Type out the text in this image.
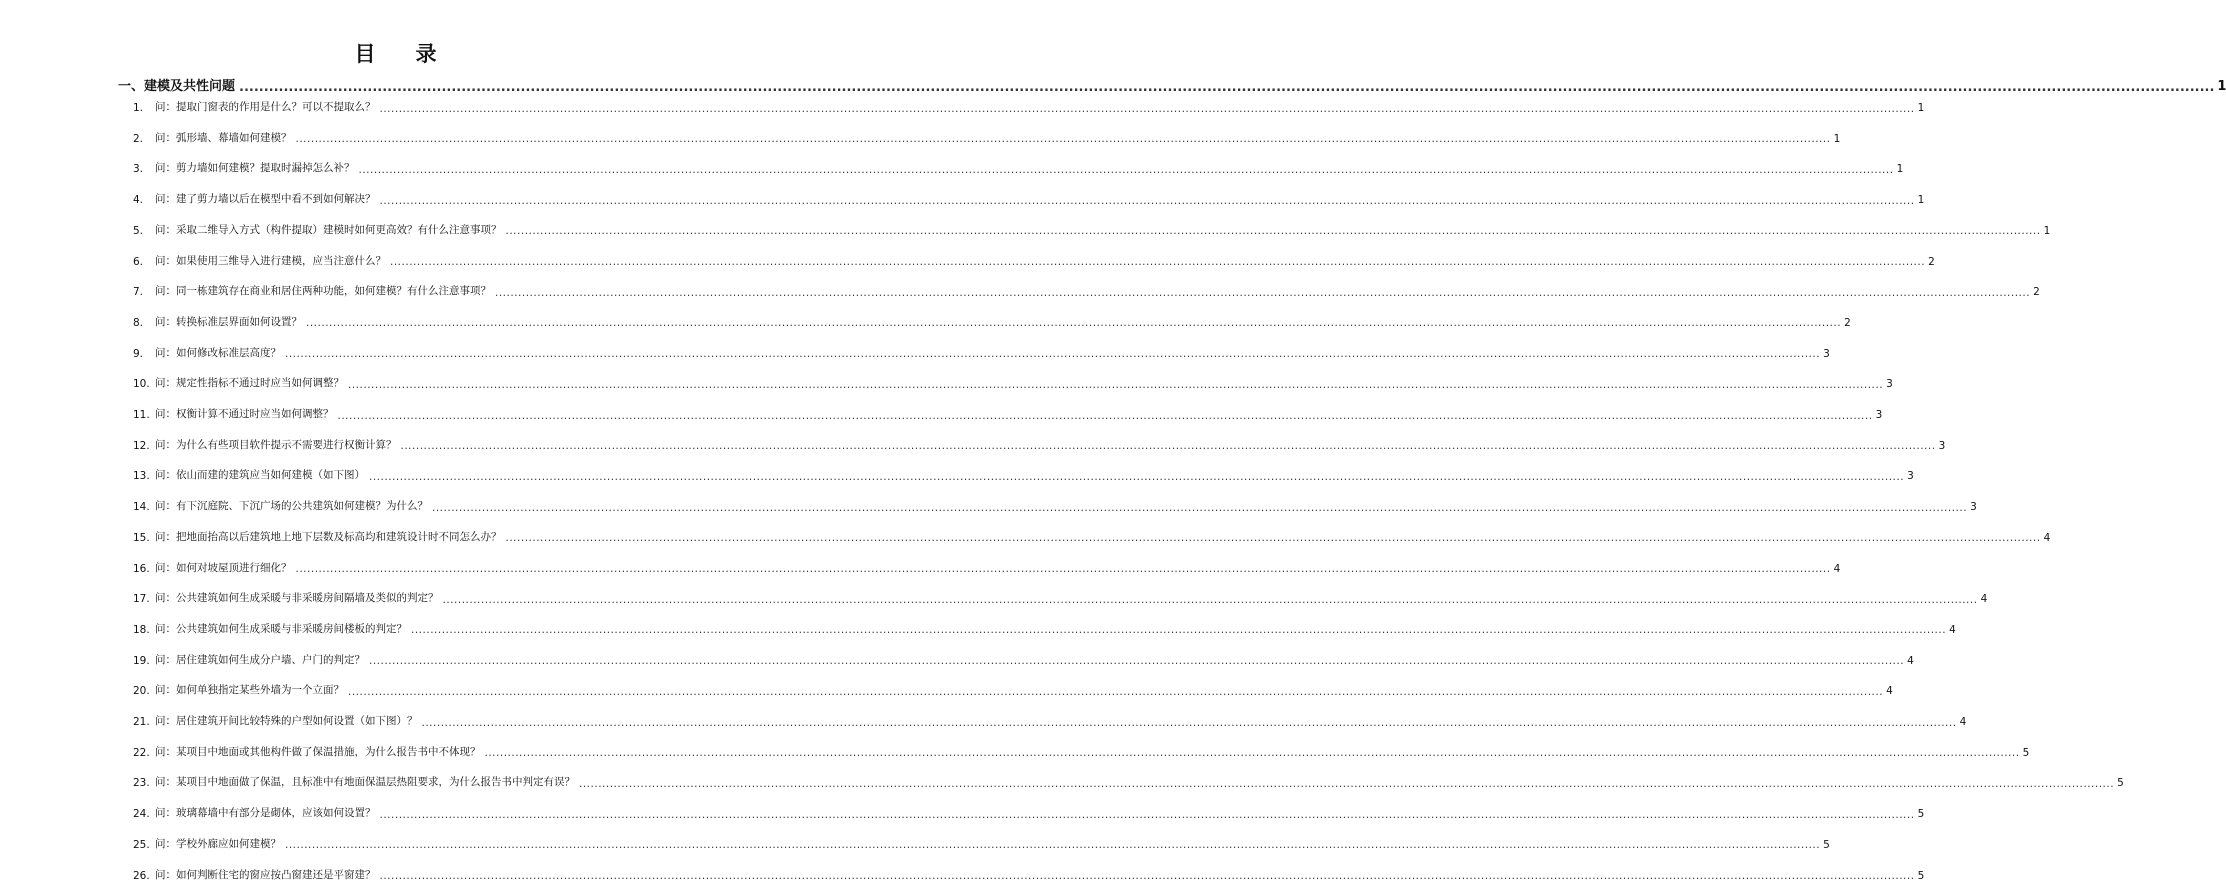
目 录
一、建模及共性问题 ................................................................................................................................................................................................................................................................................................................................................................................................................ 1
1.	问：提取门窗表的作用是什么？可以不提取么？ ................................................................................................................................................................................................................................................................................................................................................................................................................ 1
2.	问：弧形墙、幕墙如何建模？ ................................................................................................................................................................................................................................................................................................................................................................................................................ 1
3.	问：剪力墙如何建模？提取时漏掉怎么补？ ................................................................................................................................................................................................................................................................................................................................................................................................................ 1
4.	问：建了剪力墙以后在模型中看不到如何解决？ ................................................................................................................................................................................................................................................................................................................................................................................................................ 1
5.	问：采取二维导入方式（构件提取）建模时如何更高效？有什么注意事项？ ................................................................................................................................................................................................................................................................................................................................................................................................................ 1
6.	问：如果使用三维导入进行建模，应当注意什么？ ................................................................................................................................................................................................................................................................................................................................................................................................................ 2
7.	问：同一栋建筑存在商业和居住两种功能，如何建模？有什么注意事项？ ................................................................................................................................................................................................................................................................................................................................................................................................................ 2
8.	问：转换标准层界面如何设置？ ................................................................................................................................................................................................................................................................................................................................................................................................................ 2
9.	问：如何修改标准层高度？ ................................................................................................................................................................................................................................................................................................................................................................................................................ 3
10. 问：规定性指标不通过时应当如何调整？ ................................................................................................................................................................................................................................................................................................................................................................................................................ 3
11. 问：权衡计算不通过时应当如何调整？ ................................................................................................................................................................................................................................................................................................................................................................................................................ 3
12. 问：为什么有些项目软件提示不需要进行权衡计算？ ................................................................................................................................................................................................................................................................................................................................................................................................................ 3
13. 问：依山而建的建筑应当如何建模（如下图） ................................................................................................................................................................................................................................................................................................................................................................................................................ 3
14. 问：有下沉庭院、下沉广场的公共建筑如何建模？为什么？ ................................................................................................................................................................................................................................................................................................................................................................................................................ 3
15. 问：把地面抬高以后建筑地上地下层数及标高均和建筑设计时不同怎么办？ ................................................................................................................................................................................................................................................................................................................................................................................................................ 4
16. 问：如何对坡屋顶进行细化？ ................................................................................................................................................................................................................................................................................................................................................................................................................ 4
17. 问：公共建筑如何生成采暖与非采暖房间隔墙及类似的判定？ ................................................................................................................................................................................................................................................................................................................................................................................................................ 4
18. 问：公共建筑如何生成采暖与非采暖房间楼板的判定？ ................................................................................................................................................................................................................................................................................................................................................................................................................ 4
19. 问：居住建筑如何生成分户墙、户门的判定？ ................................................................................................................................................................................................................................................................................................................................................................................................................ 4
20. 问：如何单独指定某些外墙为一个立面？ ................................................................................................................................................................................................................................................................................................................................................................................................................ 4
21. 问：居住建筑开间比较特殊的户型如何设置（如下图）？ ................................................................................................................................................................................................................................................................................................................................................................................................................ 4
22. 问：某项目中地面或其他构件做了保温措施，为什么报告书中不体现？ ................................................................................................................................................................................................................................................................................................................................................................................................................ 5
23. 问：某项目中地面做了保温，且标准中有地面保温层热阻要求，为什么报告书中判定有误？ ................................................................................................................................................................................................................................................................................................................................................................................................................ 5
24. 问：玻璃幕墙中有部分是砌体，应该如何设置？ ................................................................................................................................................................................................................................................................................................................................................................................................................ 5
25. 问：学校外廊应如何建模？ ................................................................................................................................................................................................................................................................................................................................................................................................................ 5
26. 问：如何判断住宅的窗应按凸窗建还是平窗建？ ................................................................................................................................................................................................................................................................................................................................................................................................................ 5
